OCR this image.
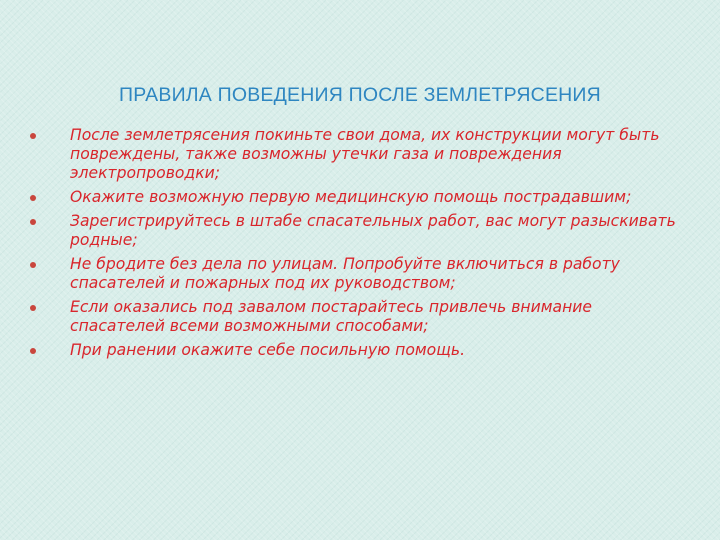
ПРАВИЛА ПОВЕДЕНИЯ ПОСЛЕ ЗЕМЛЕТРЯСЕНИЯ
После землетрясения покиньте свои дома, их конструкции могут быть повреждены, также возможны утечки газа и повреждения электропроводки;
Окажите возможную первую медицинскую помощь пострадавшим;
Зарегистрируйтесь в штабе спасательных работ, вас могут разыскивать родные;
Не бродите без дела по улицам. Попробуйте включиться в работу спасателей и пожарных под их руководством;
Если оказались под завалом постарайтесь привлечь внимание спасателей всеми возможными способами;
При ранении окажите себе посильную помощь.
